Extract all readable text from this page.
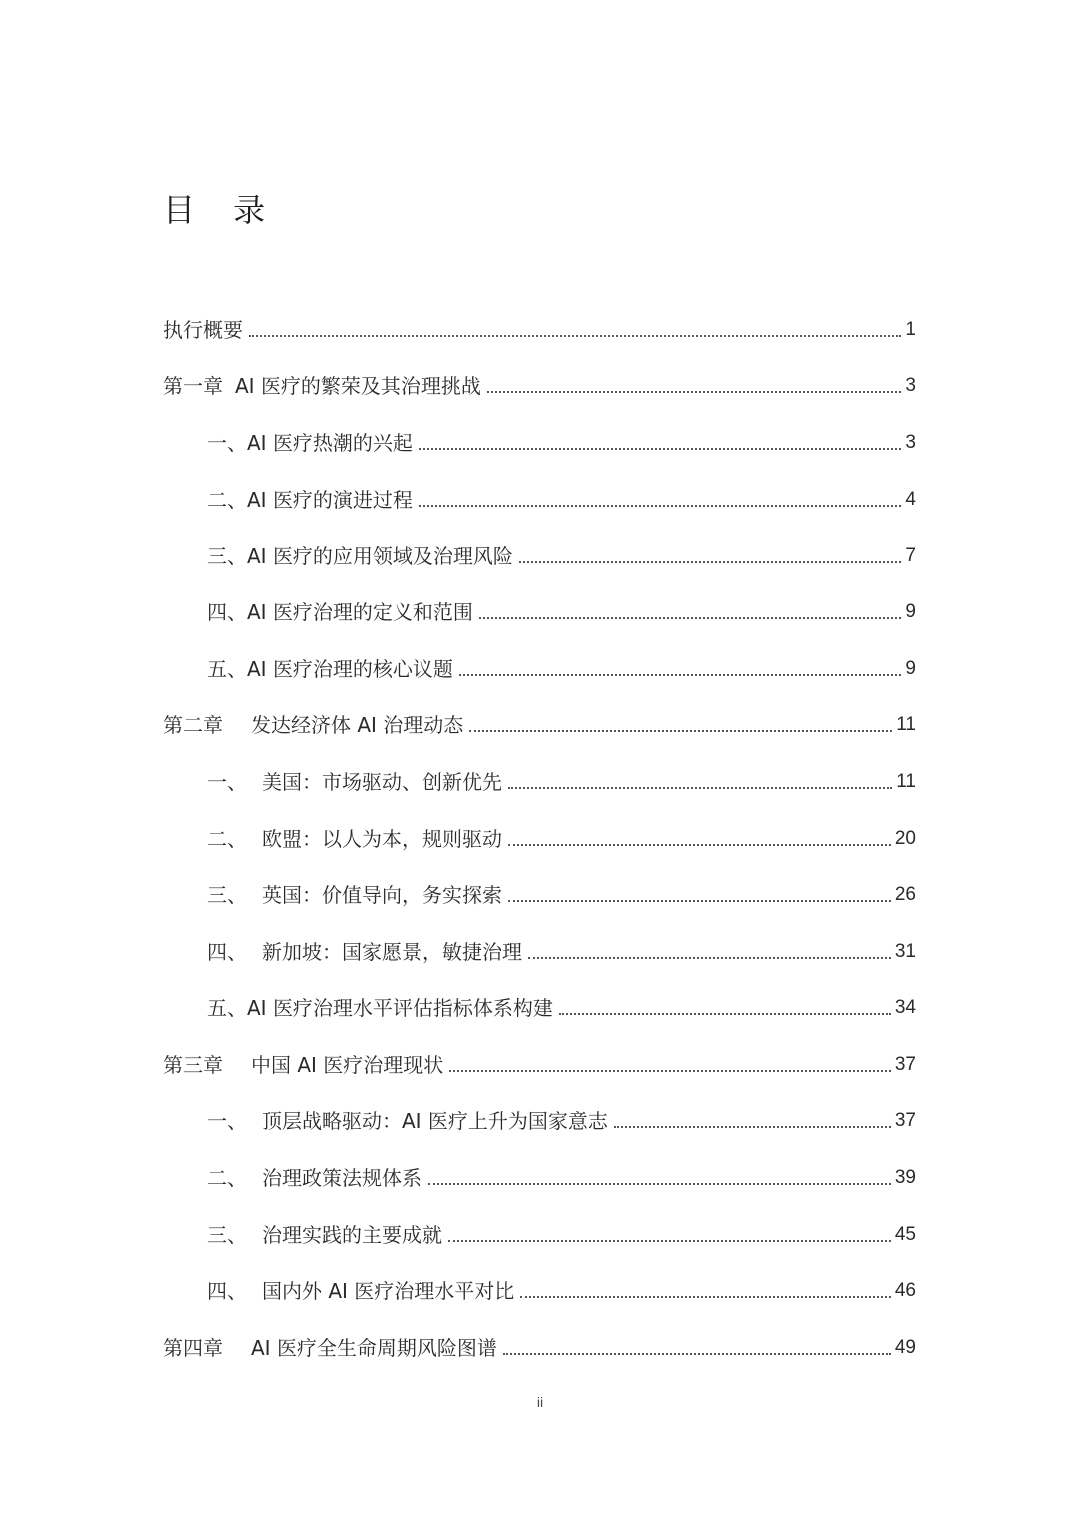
目 录
执行概要	1
第一章 AI 医疗的繁荣及其治理挑战	3
一、 AI 医疗热潮的兴起	3
二、 AI 医疗的演进过程	4
三、 AI 医疗的应用领域及治理风险	7
四、 AI 医疗治理的定义和范围	9
五、 AI 医疗治理的核心议题	9
第二章	发达经济体 AI 治理动态	11
一、 美国：市场驱动、创新优先	11
二、 欧盟：以人为本，规则驱动	20
三、 英国：价值导向，务实探索	26
四、 新加坡：国家愿景，敏捷治理	31
五、 AI 医疗治理水平评估指标体系构建	34
第三章	中国 AI 医疗治理现状	37
一、 顶层战略驱动：AI 医疗上升为国家意志	37
二、 治理政策法规体系	39
三、 治理实践的主要成就	45
四、 国内外 AI 医疗治理水平对比	46
第四章	AI 医疗全生命周期风险图谱	49
ii
